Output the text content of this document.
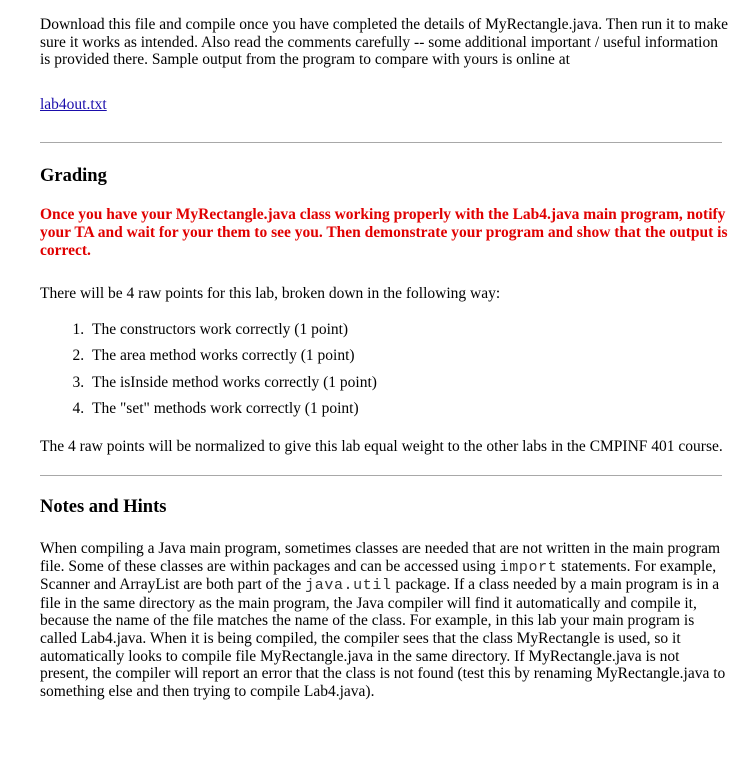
Download this file and compile once you have completed the details of MyRectangle.java. Then run it to make sure it works as intended. Also read the comments carefully -- some additional important / useful information is provided there. Sample output from the program to compare with yours is online at

lab4out.txt
Grading

Once you have your MyRectangle.java class working properly with the Lab4.java main program, notify your TA and wait for your them to see you. Then demonstrate your program and show that the output is correct.

There will be 4 raw points for this lab, broken down in the following way:

1. The constructors work correctly (1 point)
2. The area method works correctly (1 point)
3. The isInside method works correctly (1 point)
4. The "set" methods work correctly (1 point)

The 4 raw points will be normalized to give this lab equal weight to the other labs in the CMPINF 401 course.

Notes and Hints

When compiling a Java main program, sometimes classes are needed that are not written in the main program file. Some of these classes are within packages and can be accessed using import statements. For example, Scanner and ArrayList are both part of the java.util package. If a class needed by a main program is in a file in the same directory as the main program, the Java compiler will find it automatically and compile it, because the name of the file matches the name of the class. For example, in this lab your main program is called Lab4.java. When it is being compiled, the compiler sees that the class MyRectangle is used, so it automatically looks to compile file MyRectangle.java in the same directory. If MyRectangle.java is not present, the compiler will report an error that the class is not found (test this by renaming MyRectangle.java to something else and then trying to compile Lab4.java).
